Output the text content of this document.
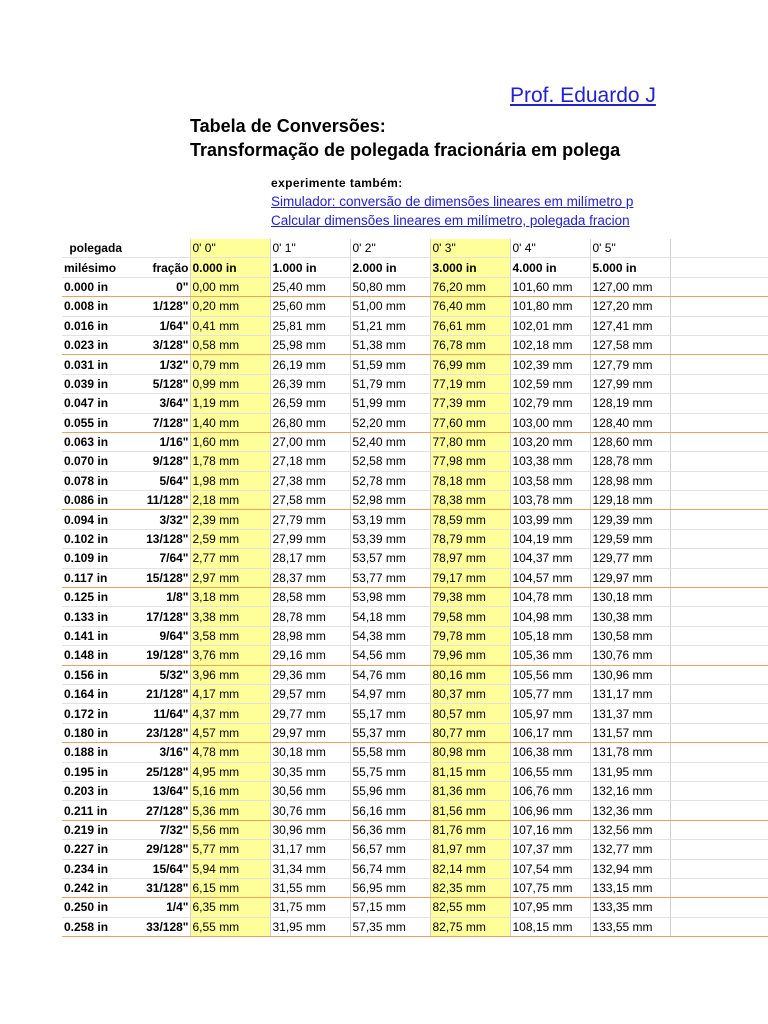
Prof. Eduardo J
Tabela de Conversões:
Transformação de polegada fracionária em polega
experimente também:
Simulador: conversão de dimensões lineares em milímetro p
Calcular dimensões lineares em milímetro, polegada fracion
polegada		0' 0"	0' 1"	0' 2"	0' 3"	0' 4"	0' 5"	
milésimo	fração	0.000 in	1.000 in	2.000 in	3.000 in	4.000 in	5.000 in	
0.000 in	0"	0,00 mm	25,40 mm	50,80 mm	76,20 mm	101,60 mm	127,00 mm	
0.008 in	1/128"	0,20 mm	25,60 mm	51,00 mm	76,40 mm	101,80 mm	127,20 mm	
0.016 in	1/64"	0,41 mm	25,81 mm	51,21 mm	76,61 mm	102,01 mm	127,41 mm	
0.023 in	3/128"	0,58 mm	25,98 mm	51,38 mm	76,78 mm	102,18 mm	127,58 mm	
0.031 in	1/32"	0,79 mm	26,19 mm	51,59 mm	76,99 mm	102,39 mm	127,79 mm	
0.039 in	5/128"	0,99 mm	26,39 mm	51,79 mm	77,19 mm	102,59 mm	127,99 mm	
0.047 in	3/64"	1,19 mm	26,59 mm	51,99 mm	77,39 mm	102,79 mm	128,19 mm	
0.055 in	7/128"	1,40 mm	26,80 mm	52,20 mm	77,60 mm	103,00 mm	128,40 mm	
0.063 in	1/16"	1,60 mm	27,00 mm	52,40 mm	77,80 mm	103,20 mm	128,60 mm	
0.070 in	9/128"	1,78 mm	27,18 mm	52,58 mm	77,98 mm	103,38 mm	128,78 mm	
0.078 in	5/64"	1,98 mm	27,38 mm	52,78 mm	78,18 mm	103,58 mm	128,98 mm	
0.086 in	11/128"	2,18 mm	27,58 mm	52,98 mm	78,38 mm	103,78 mm	129,18 mm	
0.094 in	3/32"	2,39 mm	27,79 mm	53,19 mm	78,59 mm	103,99 mm	129,39 mm	
0.102 in	13/128"	2,59 mm	27,99 mm	53,39 mm	78,79 mm	104,19 mm	129,59 mm	
0.109 in	7/64"	2,77 mm	28,17 mm	53,57 mm	78,97 mm	104,37 mm	129,77 mm	
0.117 in	15/128"	2,97 mm	28,37 mm	53,77 mm	79,17 mm	104,57 mm	129,97 mm	
0.125 in	1/8"	3,18 mm	28,58 mm	53,98 mm	79,38 mm	104,78 mm	130,18 mm	
0.133 in	17/128"	3,38 mm	28,78 mm	54,18 mm	79,58 mm	104,98 mm	130,38 mm	
0.141 in	9/64"	3,58 mm	28,98 mm	54,38 mm	79,78 mm	105,18 mm	130,58 mm	
0.148 in	19/128"	3,76 mm	29,16 mm	54,56 mm	79,96 mm	105,36 mm	130,76 mm	
0.156 in	5/32"	3,96 mm	29,36 mm	54,76 mm	80,16 mm	105,56 mm	130,96 mm	
0.164 in	21/128"	4,17 mm	29,57 mm	54,97 mm	80,37 mm	105,77 mm	131,17 mm	
0.172 in	11/64"	4,37 mm	29,77 mm	55,17 mm	80,57 mm	105,97 mm	131,37 mm	
0.180 in	23/128"	4,57 mm	29,97 mm	55,37 mm	80,77 mm	106,17 mm	131,57 mm	
0.188 in	3/16"	4,78 mm	30,18 mm	55,58 mm	80,98 mm	106,38 mm	131,78 mm	
0.195 in	25/128"	4,95 mm	30,35 mm	55,75 mm	81,15 mm	106,55 mm	131,95 mm	
0.203 in	13/64"	5,16 mm	30,56 mm	55,96 mm	81,36 mm	106,76 mm	132,16 mm	
0.211 in	27/128"	5,36 mm	30,76 mm	56,16 mm	81,56 mm	106,96 mm	132,36 mm	
0.219 in	7/32"	5,56 mm	30,96 mm	56,36 mm	81,76 mm	107,16 mm	132,56 mm	
0.227 in	29/128"	5,77 mm	31,17 mm	56,57 mm	81,97 mm	107,37 mm	132,77 mm	
0.234 in	15/64"	5,94 mm	31,34 mm	56,74 mm	82,14 mm	107,54 mm	132,94 mm	
0.242 in	31/128"	6,15 mm	31,55 mm	56,95 mm	82,35 mm	107,75 mm	133,15 mm	
0.250 in	1/4"	6,35 mm	31,75 mm	57,15 mm	82,55 mm	107,95 mm	133,35 mm	
0.258 in	33/128"	6,55 mm	31,95 mm	57,35 mm	82,75 mm	108,15 mm	133,55 mm	
